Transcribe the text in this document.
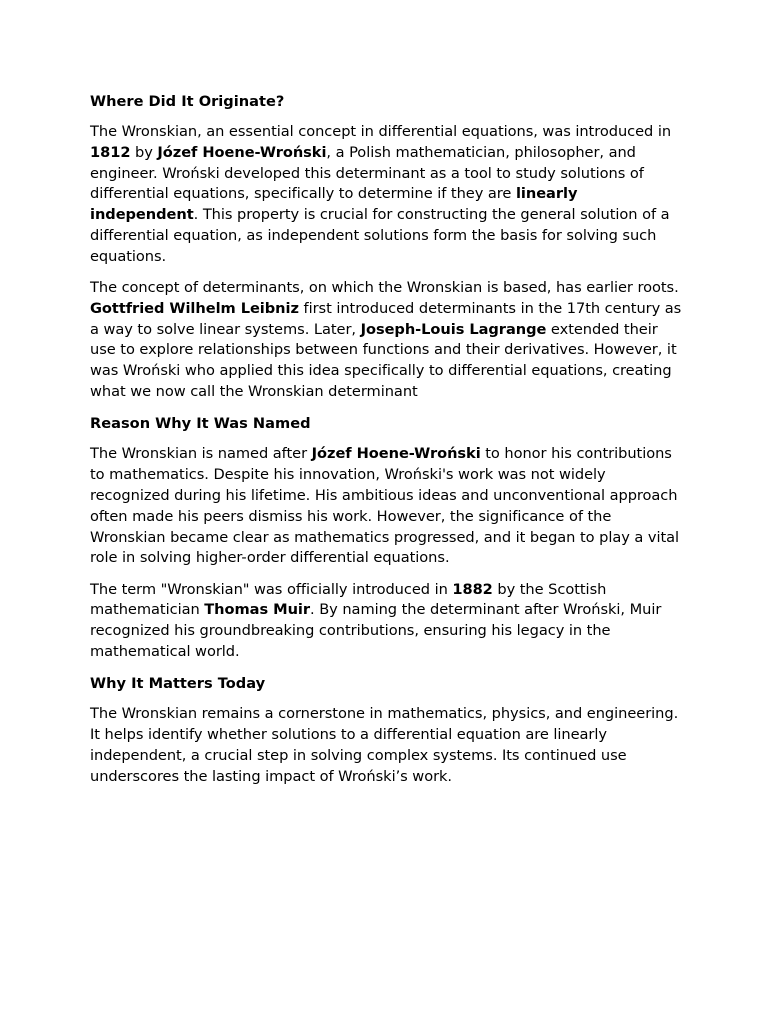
Where Did It Originate?

The Wronskian, an essential concept in differential equations, was introduced in 1812 by Józef Hoene-Wroński, a Polish mathematician, philosopher, and engineer. Wroński developed this determinant as a tool to study solutions of differential equations, specifically to determine if they are linearly independent. This property is crucial for constructing the general solution of a differential equation, as independent solutions form the basis for solving such equations.

The concept of determinants, on which the Wronskian is based, has earlier roots. Gottfried Wilhelm Leibniz first introduced determinants in the 17th century as a way to solve linear systems. Later, Joseph-Louis Lagrange extended their use to explore relationships between functions and their derivatives. However, it was Wroński who applied this idea specifically to differential equations, creating what we now call the Wronskian determinant

Reason Why It Was Named

The Wronskian is named after Józef Hoene-Wroński to honor his contributions to mathematics. Despite his innovation, Wroński's work was not widely recognized during his lifetime. His ambitious ideas and unconventional approach often made his peers dismiss his work. However, the significance of the Wronskian became clear as mathematics progressed, and it began to play a vital role in solving higher-order differential equations.

The term "Wronskian" was officially introduced in 1882 by the Scottish mathematician Thomas Muir. By naming the determinant after Wroński, Muir recognized his groundbreaking contributions, ensuring his legacy in the mathematical world.

Why It Matters Today

The Wronskian remains a cornerstone in mathematics, physics, and engineering. It helps identify whether solutions to a differential equation are linearly independent, a crucial step in solving complex systems. Its continued use underscores the lasting impact of Wroński’s work.
